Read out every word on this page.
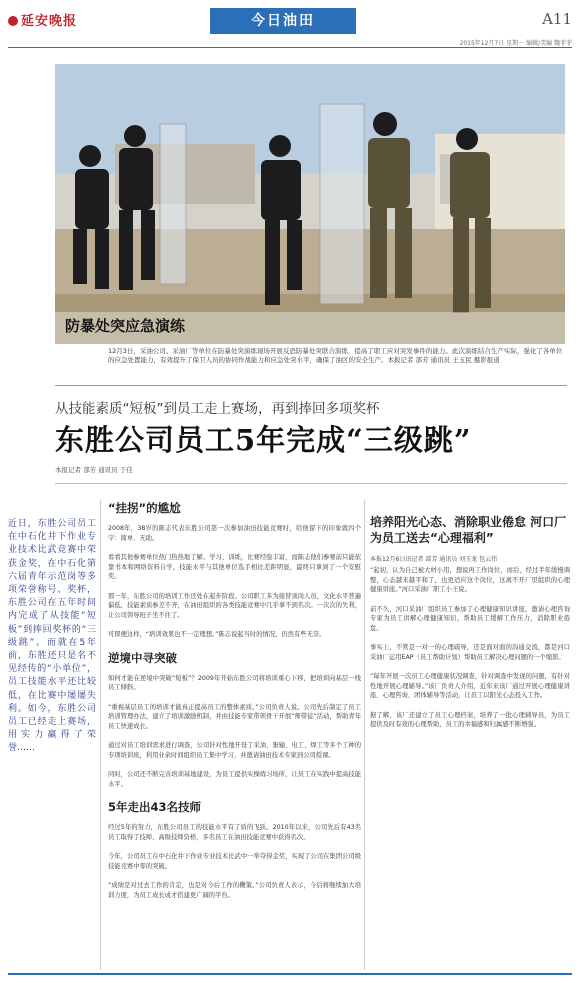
延安晚报	今日油田	A11
2015年12月7日 星期一 编辑/美编 魏菲菲
防暴处突应急演练
12月3日，采油公司、采油厂等单位在防暴处突演练现场开展反恐防暴处突联合演练，提高了职工应对突发事件的能力。此次演练结合生产实际，强化了各单位的应急处置能力，有效提升了保卫人员的协同作战能力和应急处突水平，确保了油区的安全生产。本报记者 部芳 通讯员 王玉民 摄影报道
从技能素质“短板”到员工走上赛场，再到捧回多项奖杯
东胜公司员工5年完成“三级跳”
本报记者 部芳 通讯员 于佳
近日，东胜公司员工在中石化井下作业专业技术比武竞赛中荣获金奖，在中石化第六届青年示范岗等多项荣誉称号、奖杯，东胜公司在五年时间内完成了从技能“短板”到捧回奖杯的“三级跳”。而就在5年前，东胜还只是名不见经传的“小单位”，员工技能水平还比较低，在比赛中屡屡失利。如今，东胜公司员工已经走上赛场，用实力赢得了荣誉……
“挂拐”的尴尬

2008年，38岁的陈志代表东胜公司第一次参加油田技能竞赛时，给他留下的印象就四个字：简单、无助。

看看其他参赛单位热门热热地了解、学习、训练，比赛经验丰富，而陈志他们参赛前只能依靠书本和网络资料自学，技能水平与其他单位选手相比差距明显，最终只拿到了一个安慰奖。

那一年，东胜公司的培训工作还处在起步阶段。公司职工多为接替顶岗人员，文化水平普遍偏低，技能素质参差不齐，在油田组织的各类技能竞赛中几乎拿不到名次。一次次的失利，让公司领导班子坐不住了。

可即便这样，“培训效果也不一定理想。”陈志说起当时的情况，仍然有些无奈。

逆境中寻突破

如何才能在逆境中突破“短板”？2009年开始东胜公司将培训重心下移，把培训向基层一线员工倾斜。

“重视基层员工的培训才能真正提高员工的整体素质。”公司负责人说。公司先后制定了员工培训管理办法，建立了培训激励机制，并由技能专家带领骨干开展“师带徒”活动，帮助青年员工快速成长。

通过对员工培训需求进行调查，公司针对性地开设了采油、集输、电工、焊工等多个工种的专项培训班，利用业余时间组织员工集中学习，并邀请油田技术专家到公司授课。

同时，公司还不断完善培训基地建设，为员工提供实操练习场所，让员工在实践中提高技能水平。

5年走出43名技师

经过5年的努力，东胜公司员工的技能水平有了质的飞跃。2010年以来，公司先后有43名员工取得了技师、高级技师资格，多名员工在油田技能竞赛中获得名次。

今年，公司员工在中石化井下作业专业技术比武中一举夺得金奖，实现了公司在集团公司级技能竞赛中零的突破。

“成绩是对过去工作的肯定，也是对今后工作的鞭策。”公司负责人表示，今后将继续加大培训力度，为员工成长成才搭建更广阔的平台。

培养阳光心态、消除职业倦怠 河口厂为员工送去“心理福利”
本报12月6日讯记者 部芳 通讯员 刘玉龙 包云伟

“起初，认为自己被大材小用，想说再工作岗位，而后，经过半年缓慢调整，心态越来越平和了，也更适应这个岗位，这离不开厂里组织的心理健康讲座。”河口采油厂职工小王说。

前不久，河口采油厂组织员工参加了心理健康知识讲座，邀请心理咨询专家为员工讲解心理健康知识，帮助员工缓解工作压力，消除职业倦怠。

事实上，不管是一对一的心理疏导，还是面对面的沟通交流，都是河口采油厂运用EAP（员工帮助计划）帮助员工解决心理问题的一个缩影。

“每年开展一次员工心理健康状况调查，针对调查中发现的问题，有针对性地开展心理辅导。”该厂负责人介绍，近年来该厂通过开展心理健康讲座、心理咨询、团体辅导等活动，让员工以阳光心态投入工作。

据了解，该厂还建立了员工心理档案，培养了一批心理辅导员，为员工提供及时有效的心理帮助，员工的幸福感和归属感不断增强。
